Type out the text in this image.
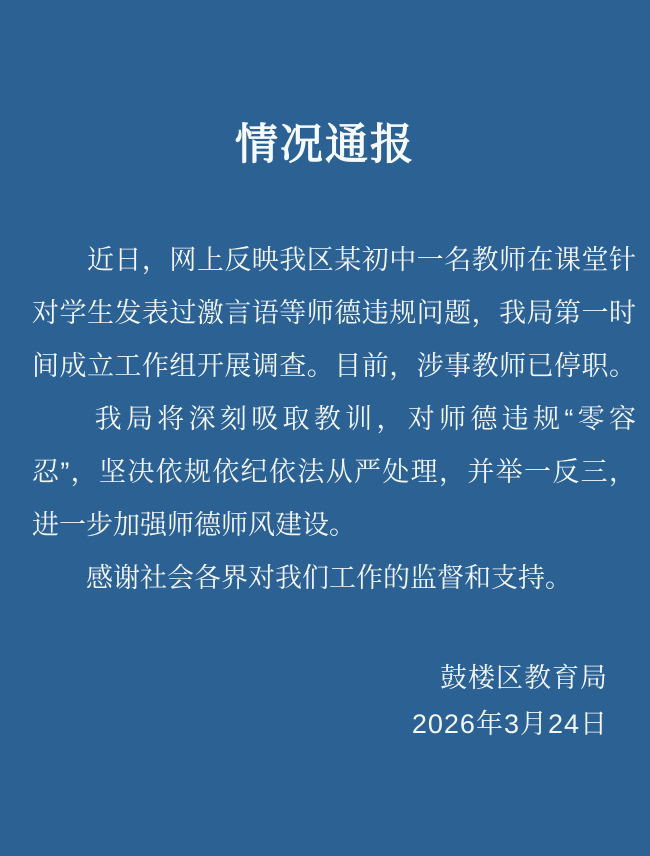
情况通报
　　近日，网上反映我区某初中一名教师在课堂针
对学生发表过激言语等师德违规问题，我局第一时
间成立工作组开展调查。目前，涉事教师已停职。
　　我局将深刻吸取教训，对师德违规“零容
忍”，坚决依规依纪依法从严处理，并举一反三，
进一步加强师德师风建设。
　　感谢社会各界对我们工作的监督和支持。
鼓楼区教育局
2026年3月24日
